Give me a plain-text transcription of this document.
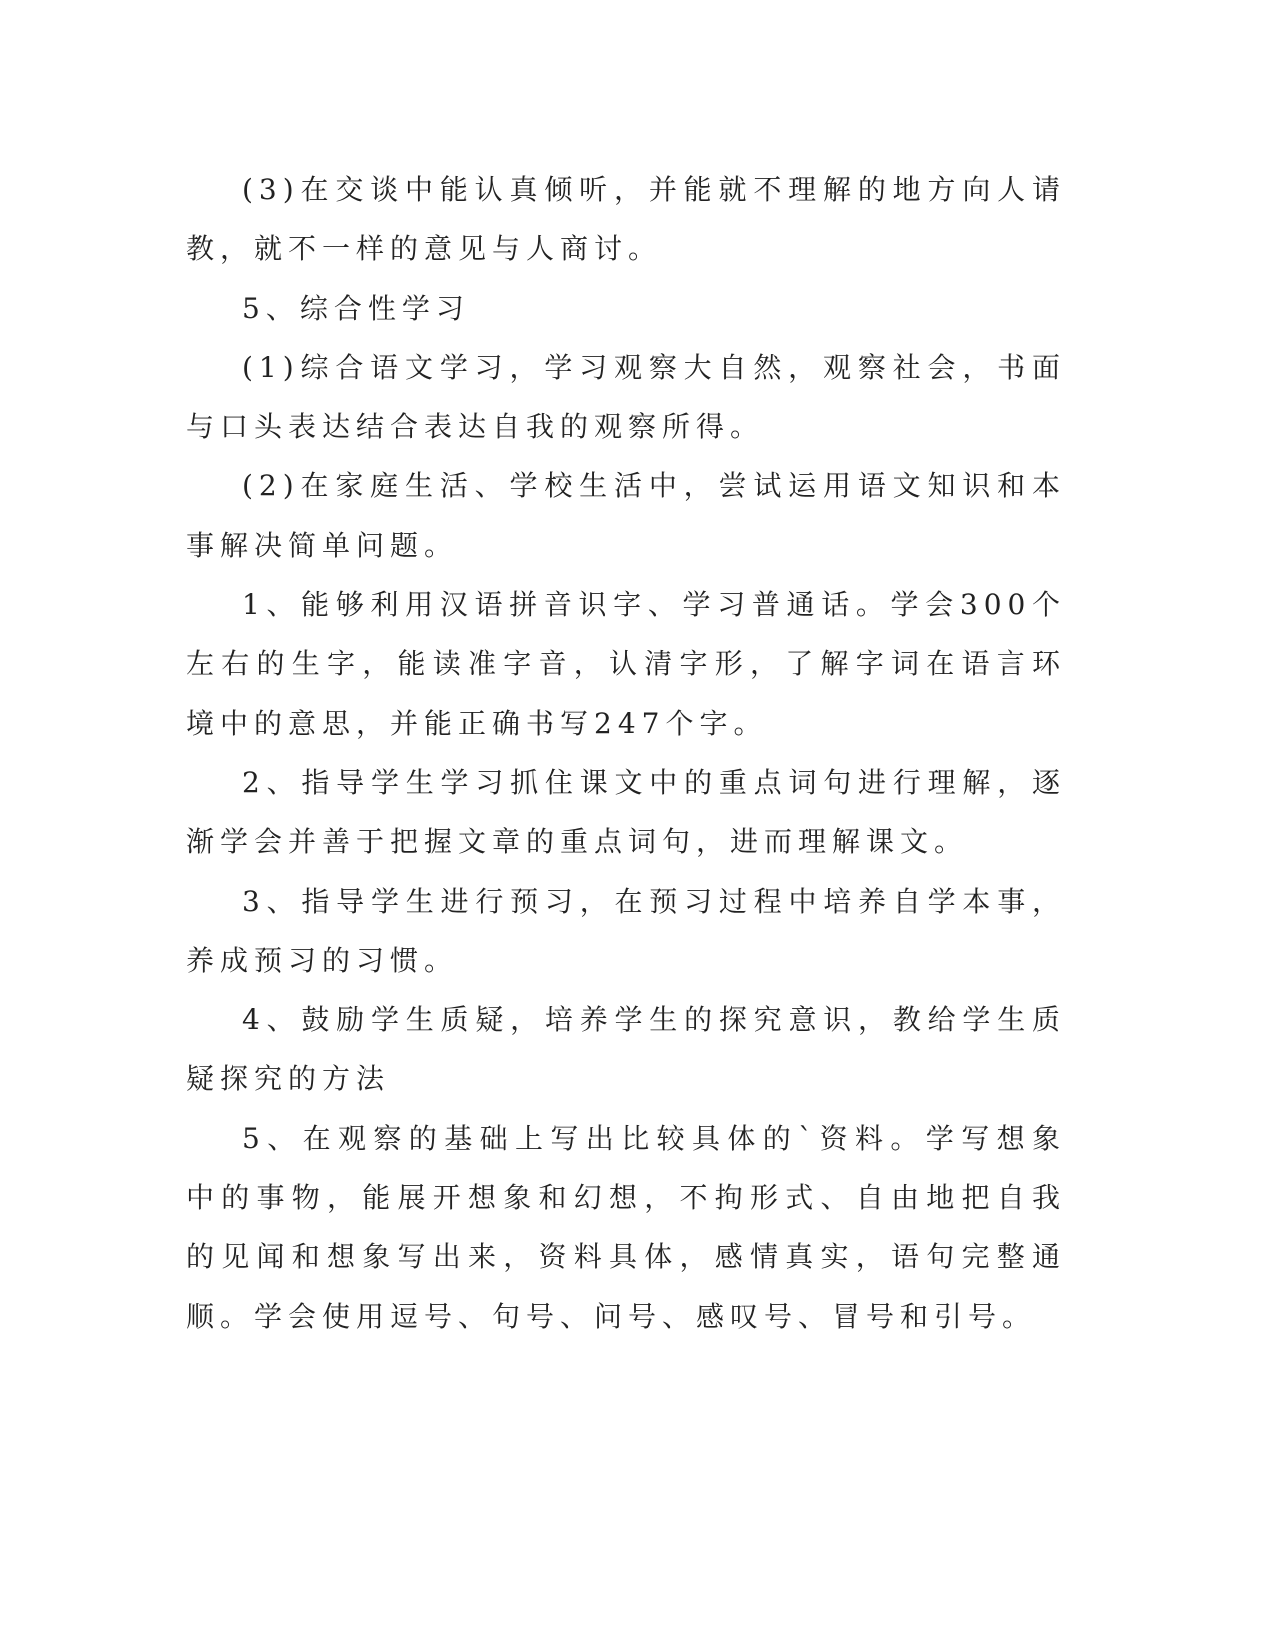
(3)在交谈中能认真倾听，并能就不理解的地方向人请教，就不一样的意见与人商讨。

5、综合性学习

(1)综合语文学习，学习观察大自然，观察社会，书面与口头表达结合表达自我的观察所得。

(2)在家庭生活、学校生活中，尝试运用语文知识和本事解决简单问题。

1、能够利用汉语拼音识字、学习普通话。学会300个左右的生字，能读准字音，认清字形，了解字词在语言环境中的意思，并能正确书写247个字。

2、指导学生学习抓住课文中的重点词句进行理解，逐渐学会并善于把握文章的重点词句，进而理解课文。

3、指导学生进行预习，在预习过程中培养自学本事，养成预习的习惯。

4、鼓励学生质疑，培养学生的探究意识，教给学生质疑探究的方法

5、在观察的基础上写出比较具体的`资料。学写想象中的事物，能展开想象和幻想，不拘形式、自由地把自我的见闻和想象写出来，资料具体，感情真实，语句完整通顺。学会使用逗号、句号、问号、感叹号、冒号和引号。
